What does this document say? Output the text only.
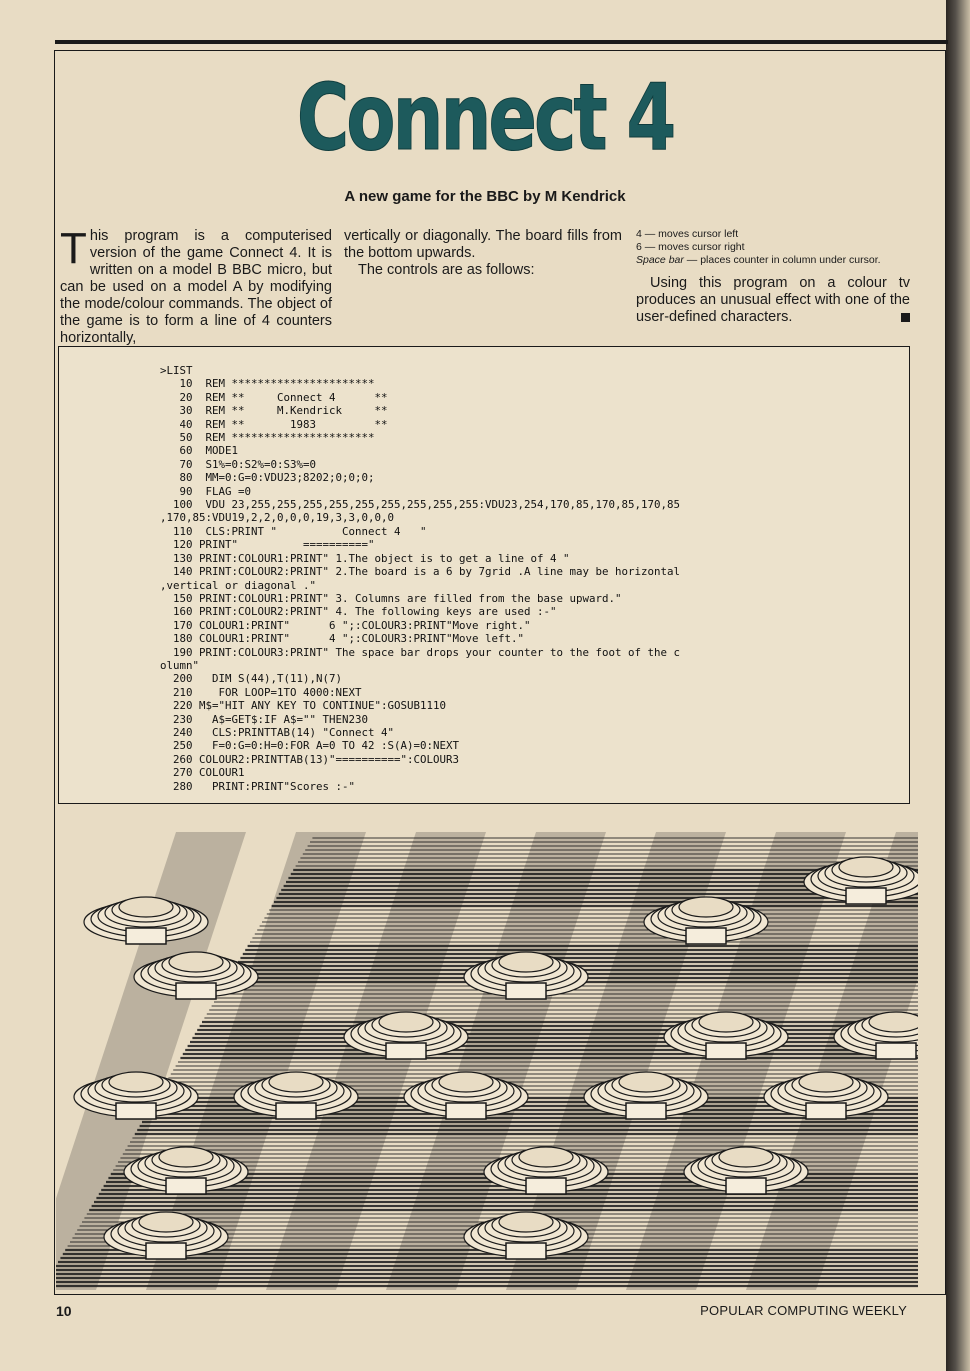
Connect 4
A new game for the BBC by M Kendrick
This program is a computerised version of the game Connect 4. It is written on a model B BBC micro, but can be used on a model A by modifying the mode/colour commands. The object of the game is to form a line of 4 counters horizontally,
vertically or diagonally. The board fills from the bottom upwards.
The controls are as follows:
4 — moves cursor left
6 — moves cursor right
Space bar — places counter in column under cursor.
Using this program on a colour tv produces an unusual effect with one of the user-defined characters.
>LIST
10  REM **********************
20  REM **     Connect 4      **
30  REM **     M.Kendrick     **
40  REM **       1983         **
50  REM **********************
60  MODE1
70  S1%=0:S2%=0:S3%=0
80  MM=0:G=0:VDU23;8202;0;0;0;
90  FLAG =0
100  VDU 23,255,255,255,255,255,255,255,255,255:VDU23,254,170,85,170,85,170,85
,170,85:VDU19,2,2,0,0,0,19,3,3,0,0,0
110  CLS:PRINT "          Connect 4   "
120 PRINT"          =========="
130 PRINT:COLOUR1:PRINT" 1.The object is to get a line of 4 "
140 PRINT:COLOUR2:PRINT" 2.The board is a 6 by 7grid .A line may be horizontal
,vertical or diagonal ."
150 PRINT:COLOUR1:PRINT" 3. Columns are filled from the base upward."
160 PRINT:COLOUR2:PRINT" 4. The following keys are used :-"
170 COLOUR1:PRINT"      6 ";:COLOUR3:PRINT"Move right."
180 COLOUR1:PRINT"      4 ";:COLOUR3:PRINT"Move left."
190 PRINT:COLOUR3:PRINT" The space bar drops your counter to the foot of the c
olumn"
200   DIM S(44),T(11),N(7)
210    FOR LOOP=1TO 4000:NEXT
220 M$="HIT ANY KEY TO CONTINUE":GOSUB1110
230   A$=GET$:IF A$="" THEN230
240   CLS:PRINTTAB(14) "Connect 4"
250   F=0:G=0:H=0:FOR A=0 TO 42 :S(A)=0:NEXT
260 COLOUR2:PRINTTAB(13)"==========":COLOUR3
270 COLOUR1
280   PRINT:PRINT"Scores :-"
10	POPULAR COMPUTING WEEKLY
